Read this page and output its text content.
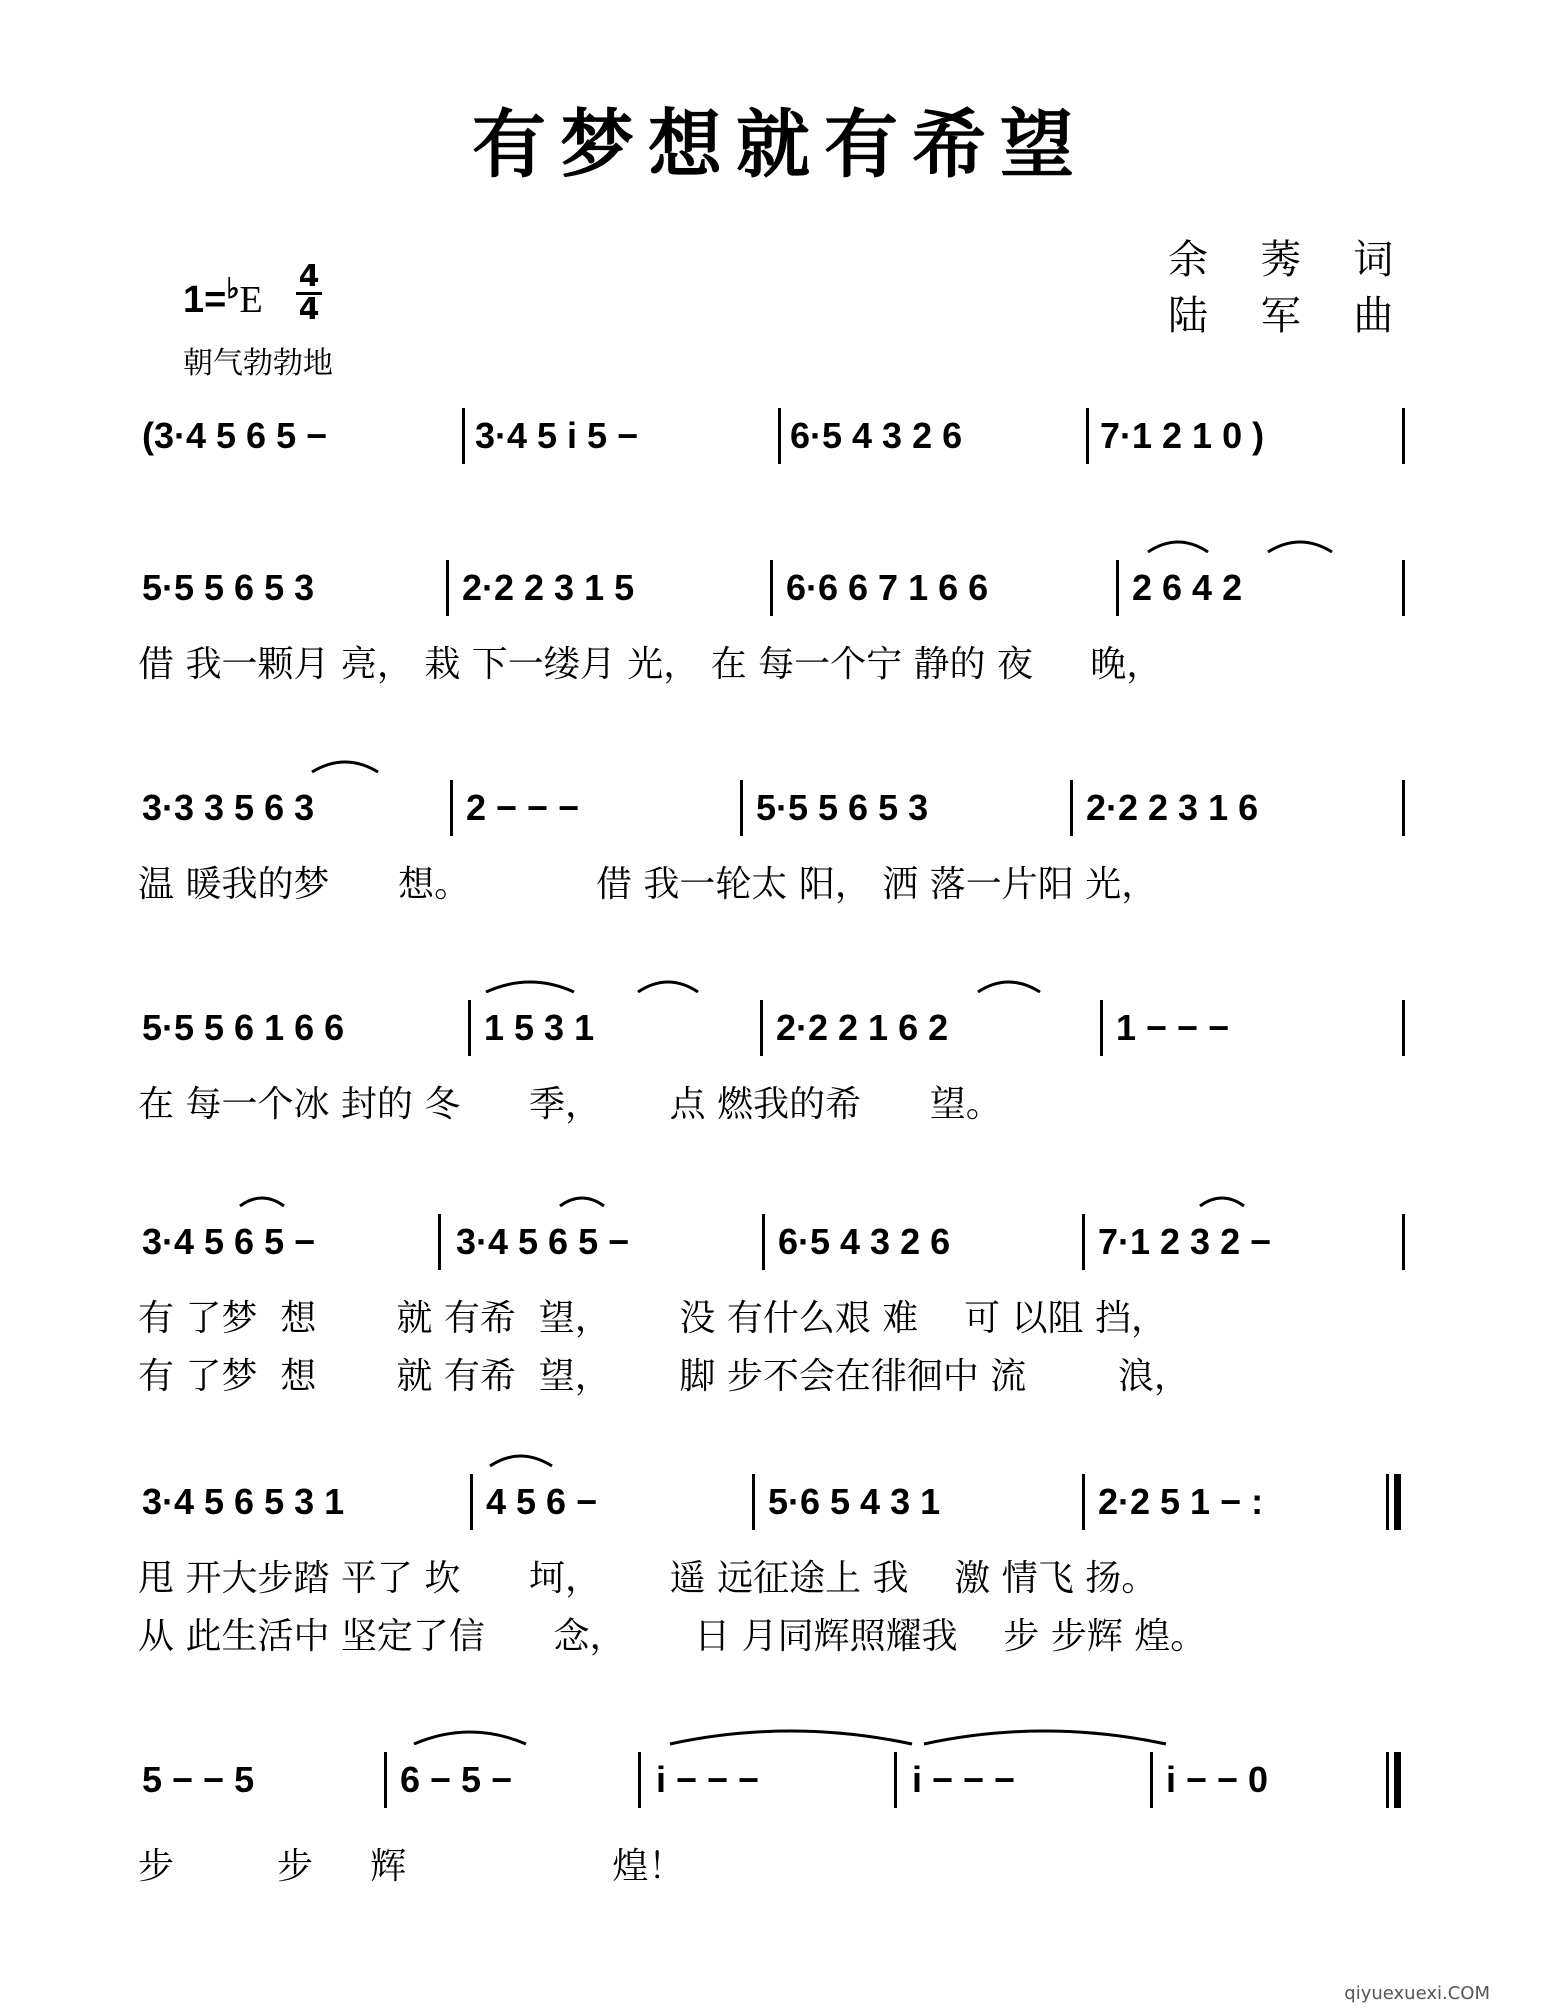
有梦想就有希望
余 莠 词
陆 军 曲
1=♭E
4
4
朝气勃勃地
(3·4 5 6 5 −	3·4 5 i 5 −	6·5 4 3 2 6	7·1 2 1 0 )
5·5 5 6 5 3	2·2 2 3 1 5	6·6 6 7 1 6 6	2 6 4 2
借 我一颗月 亮， 栽 下一缕月 光， 在 每一个宁 静的 夜     晚，
3·3 3 5 6 3	2 − − −	5·5 5 6 5 3	2·2 2 3 1 6
温 暖我的梦      想。           借 我一轮太 阳， 洒 落一片阳 光，
5·5 5 6 1 6 6	1 5 3 1	2·2 2 1 6 2	1 − − −
在 每一个冰 封的 冬      季，      点 燃我的希      望。
3·4 5 6 5 −	3·4 5 6 5 −	6·5 4 3 2 6	7·1 2 3 2 −
有 了梦  想       就 有希  望，      没 有什么艰 难    可 以阻 挡，
有 了梦  想       就 有希  望，      脚 步不会在徘徊中 流        浪，
3·4 5 6 5 3 1	4 5 6 −	5·6 5 4 3 1	2·2 5 1 − :
甩 开大步踏 平了 坎      坷，      遥 远征途上 我    激 情飞 扬。
从 此生活中 坚定了信      念，      日 月同辉照耀我    步 步辉 煌。
5 − − 5	6 − 5 −	i − − −	i − − −	i − − 0
步         步     辉                  煌！
qiyuexuexi.COM
